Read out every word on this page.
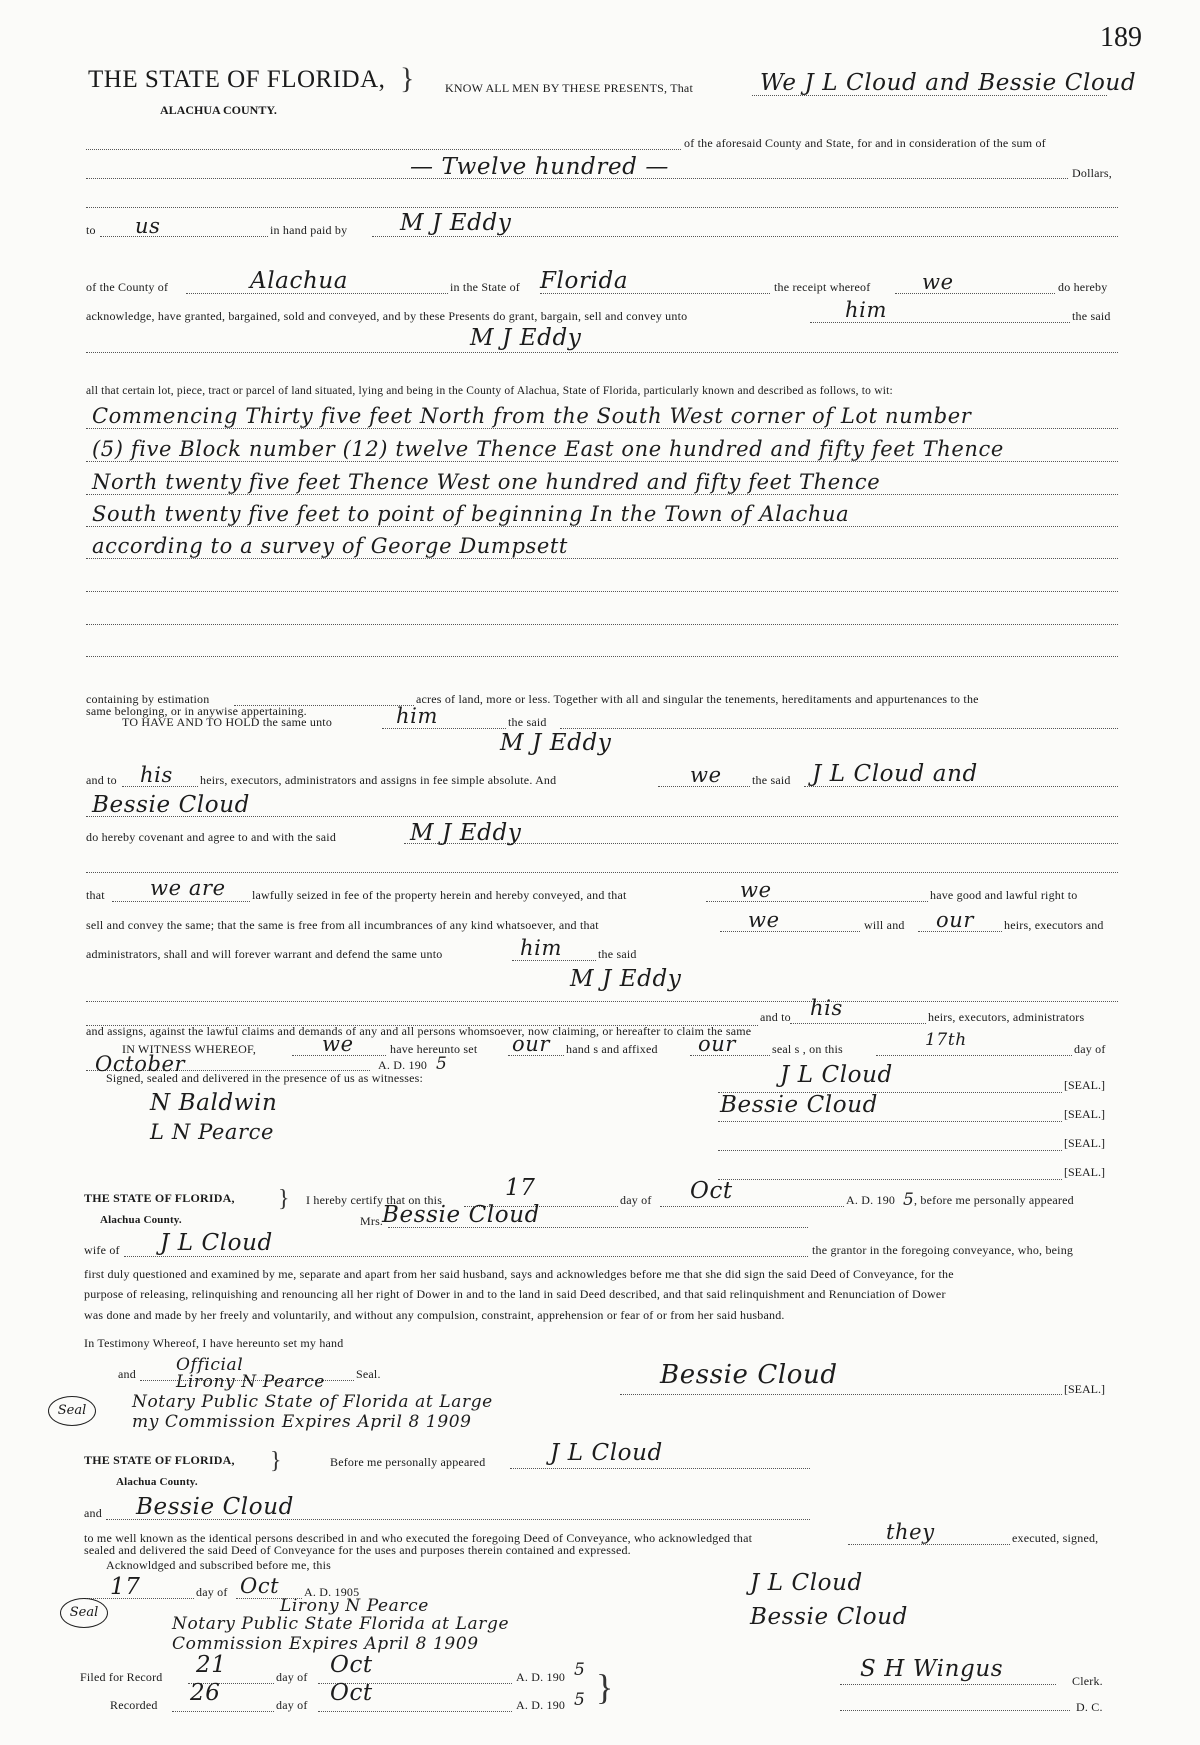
189
THE STATE OF FLORIDA, }
ALACHUA COUNTY.
KNOW ALL MEN BY THESE PRESENTS, That	We J L Cloud and Bessie Cloud
of the aforesaid County and State, for and in consideration of the sum of
— Twelve hundred —	Dollars,
to us	in hand paid by M J Eddy
of the County of	Alachua	in the State of Florida	the receipt whereof we	do hereby
acknowledge, have granted, bargained, sold and conveyed, and by these Presents do grant, bargain, sell and convey unto	him	the said
M J Eddy
all that certain lot, piece, tract or parcel of land situated, lying and being in the County of Alachua, State of Florida, particularly known and described as follows, to wit:
Commencing Thirty five feet North from the South West corner of Lot number
(5) five Block number (12) twelve Thence East one hundred and fifty feet Thence
North twenty five feet Thence West one hundred and fifty feet Thence
South twenty five feet to point of beginning In the Town of Alachua
according to a survey of George Dumpsett
containing by estimation	acres of land, more or less. Together with all and singular the tenements, hereditaments and appurtenances to the
same belonging, or in anywise appertaining.
TO HAVE AND TO HOLD the same unto	him	the said
M J Eddy
and to his heirs, executors, administrators and assigns in fee simple absolute. And	we	the said J L Cloud and
Bessie Cloud
do hereby covenant and agree to and with the said	M J Eddy
that we are lawfully seized in fee of the property herein and hereby conveyed, and that	we	have good and lawful right to
sell and convey the same; that the same is free from all incumbrances of any kind whatsoever, and that	we	will and our heirs, executors and
administrators, shall and will forever warrant and defend the same unto	him	the said
M J Eddy
and to his	heirs, executors, administrators
and assigns, against the lawful claims and demands of any and all persons whomsoever, now claiming, or hereafter to claim the same
IN WITNESS WHEREOF,	we	have hereunto set our hand s and affixed our	seal s , on this	17th	day of
October	A. D. 190 5
Signed, sealed and delivered in the presence of us as witnesses:
N Baldwin
L N Pearce
J L Cloud	[SEAL.]
Bessie Cloud	[SEAL.]
[SEAL.]
[SEAL.]
THE STATE OF FLORIDA, }
Alachua County.
I hereby certify that on this	17	day of Oct	A. D. 190 5 , before me personally appeared
Mrs.
Bessie Cloud
wife of J L Cloud	the grantor in the foregoing conveyance, who, being
first duly questioned and examined by me, separate and apart from her said husband, says and acknowledges before me that she did sign the said Deed of Conveyance, for the
purpose of releasing, relinquishing and renouncing all her right of Dower in and to the land in said Deed described, and that said relinquishment and Renunciation of Dower
was done and made by her freely and voluntarily, and without any compulsion, constraint, apprehension or fear of or from her said husband.
In Testimony Whereof, I have hereunto set my hand
and Official	Seal.
Lirony N Pearce
Notary Public State of Florida at Large
my Commission Expires April 8 1909
Seal
Bessie Cloud	[SEAL.]
THE STATE OF FLORIDA, }
Alachua County.
Before me personally appeared	J L Cloud
and Bessie Cloud
to me well known as the identical persons described in and who executed the foregoing Deed of Conveyance, who acknowledged that	they	executed, signed,
sealed and delivered the said Deed of Conveyance for the uses and purposes therein contained and expressed.
Acknowldged and subscribed before me, this
17	day of Oct A. D. 1905
Lirony N Pearce
Notary Public State Florida at Large
Commission Expires April 8 1909
Seal
J L Cloud
Bessie Cloud
Filed for Record 21	day of Oct	A. D. 190 5
Recorded 26	day of Oct	A. D. 190 5 }	S H Wingus	Clerk.
D. C.
